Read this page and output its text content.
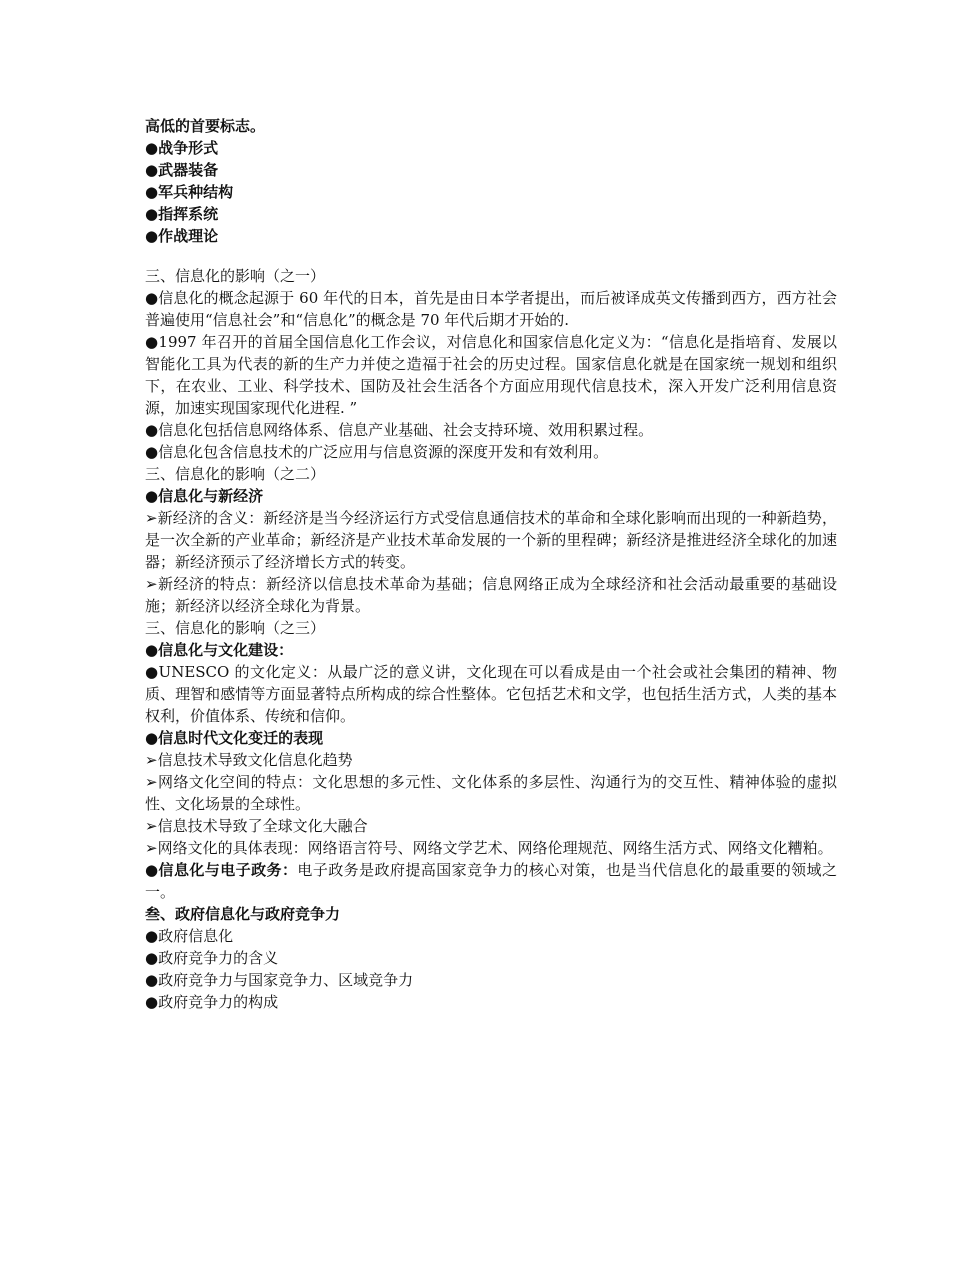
高低的首要标志。

●战争形式

●武器装备

●军兵种结构

●指挥系统

●作战理论

三、信息化的影响（之一）

●信息化的概念起源于 60 年代的日本，首先是由日本学者提出，而后被译成英文传播到西方，西方社会普遍使用“信息社会”和“信息化”的概念是 70 年代后期才开始的.

●1997 年召开的首届全国信息化工作会议，对信息化和国家信息化定义为：“信息化是指培育、发展以智能化工具为代表的新的生产力并使之造福于社会的历史过程。国家信息化就是在国家统一规划和组织下，在农业、工业、科学技术、国防及社会生活各个方面应用现代信息技术，深入开发广泛利用信息资源，加速实现国家现代化进程. ”

●信息化包括信息网络体系、信息产业基础、社会支持环境、效用积累过程。

●信息化包含信息技术的广泛应用与信息资源的深度开发和有效利用。

三、信息化的影响（之二）

●信息化与新经济

➢新经济的含义：新经济是当今经济运行方式受信息通信技术的革命和全球化影响而出现的一种新趋势，是一次全新的产业革命；新经济是产业技术革命发展的一个新的里程碑；新经济是推进经济全球化的加速器；新经济预示了经济增长方式的转变。

➢新经济的特点：新经济以信息技术革命为基础；信息网络正成为全球经济和社会活动最重要的基础设施；新经济以经济全球化为背景。

三、信息化的影响（之三）

●信息化与文化建设：

●UNESCO 的文化定义：从最广泛的意义讲，文化现在可以看成是由一个社会或社会集团的精神、物质、理智和感情等方面显著特点所构成的综合性整体。它包括艺术和文学，也包括生活方式，人类的基本权利，价值体系、传统和信仰。

●信息时代文化变迁的表现

➢信息技术导致文化信息化趋势

➢网络文化空间的特点：文化思想的多元性、文化体系的多层性、沟通行为的交互性、精神体验的虚拟性、文化场景的全球性。

➢信息技术导致了全球文化大融合

➢网络文化的具体表现：网络语言符号、网络文学艺术、网络伦理规范、网络生活方式、网络文化糟粕。

●信息化与电子政务：电子政务是政府提高国家竞争力的核心对策，也是当代信息化的最重要的领域之一。

叁、政府信息化与政府竞争力

●政府信息化

●政府竞争力的含义

●政府竞争力与国家竞争力、区域竞争力

●政府竞争力的构成
